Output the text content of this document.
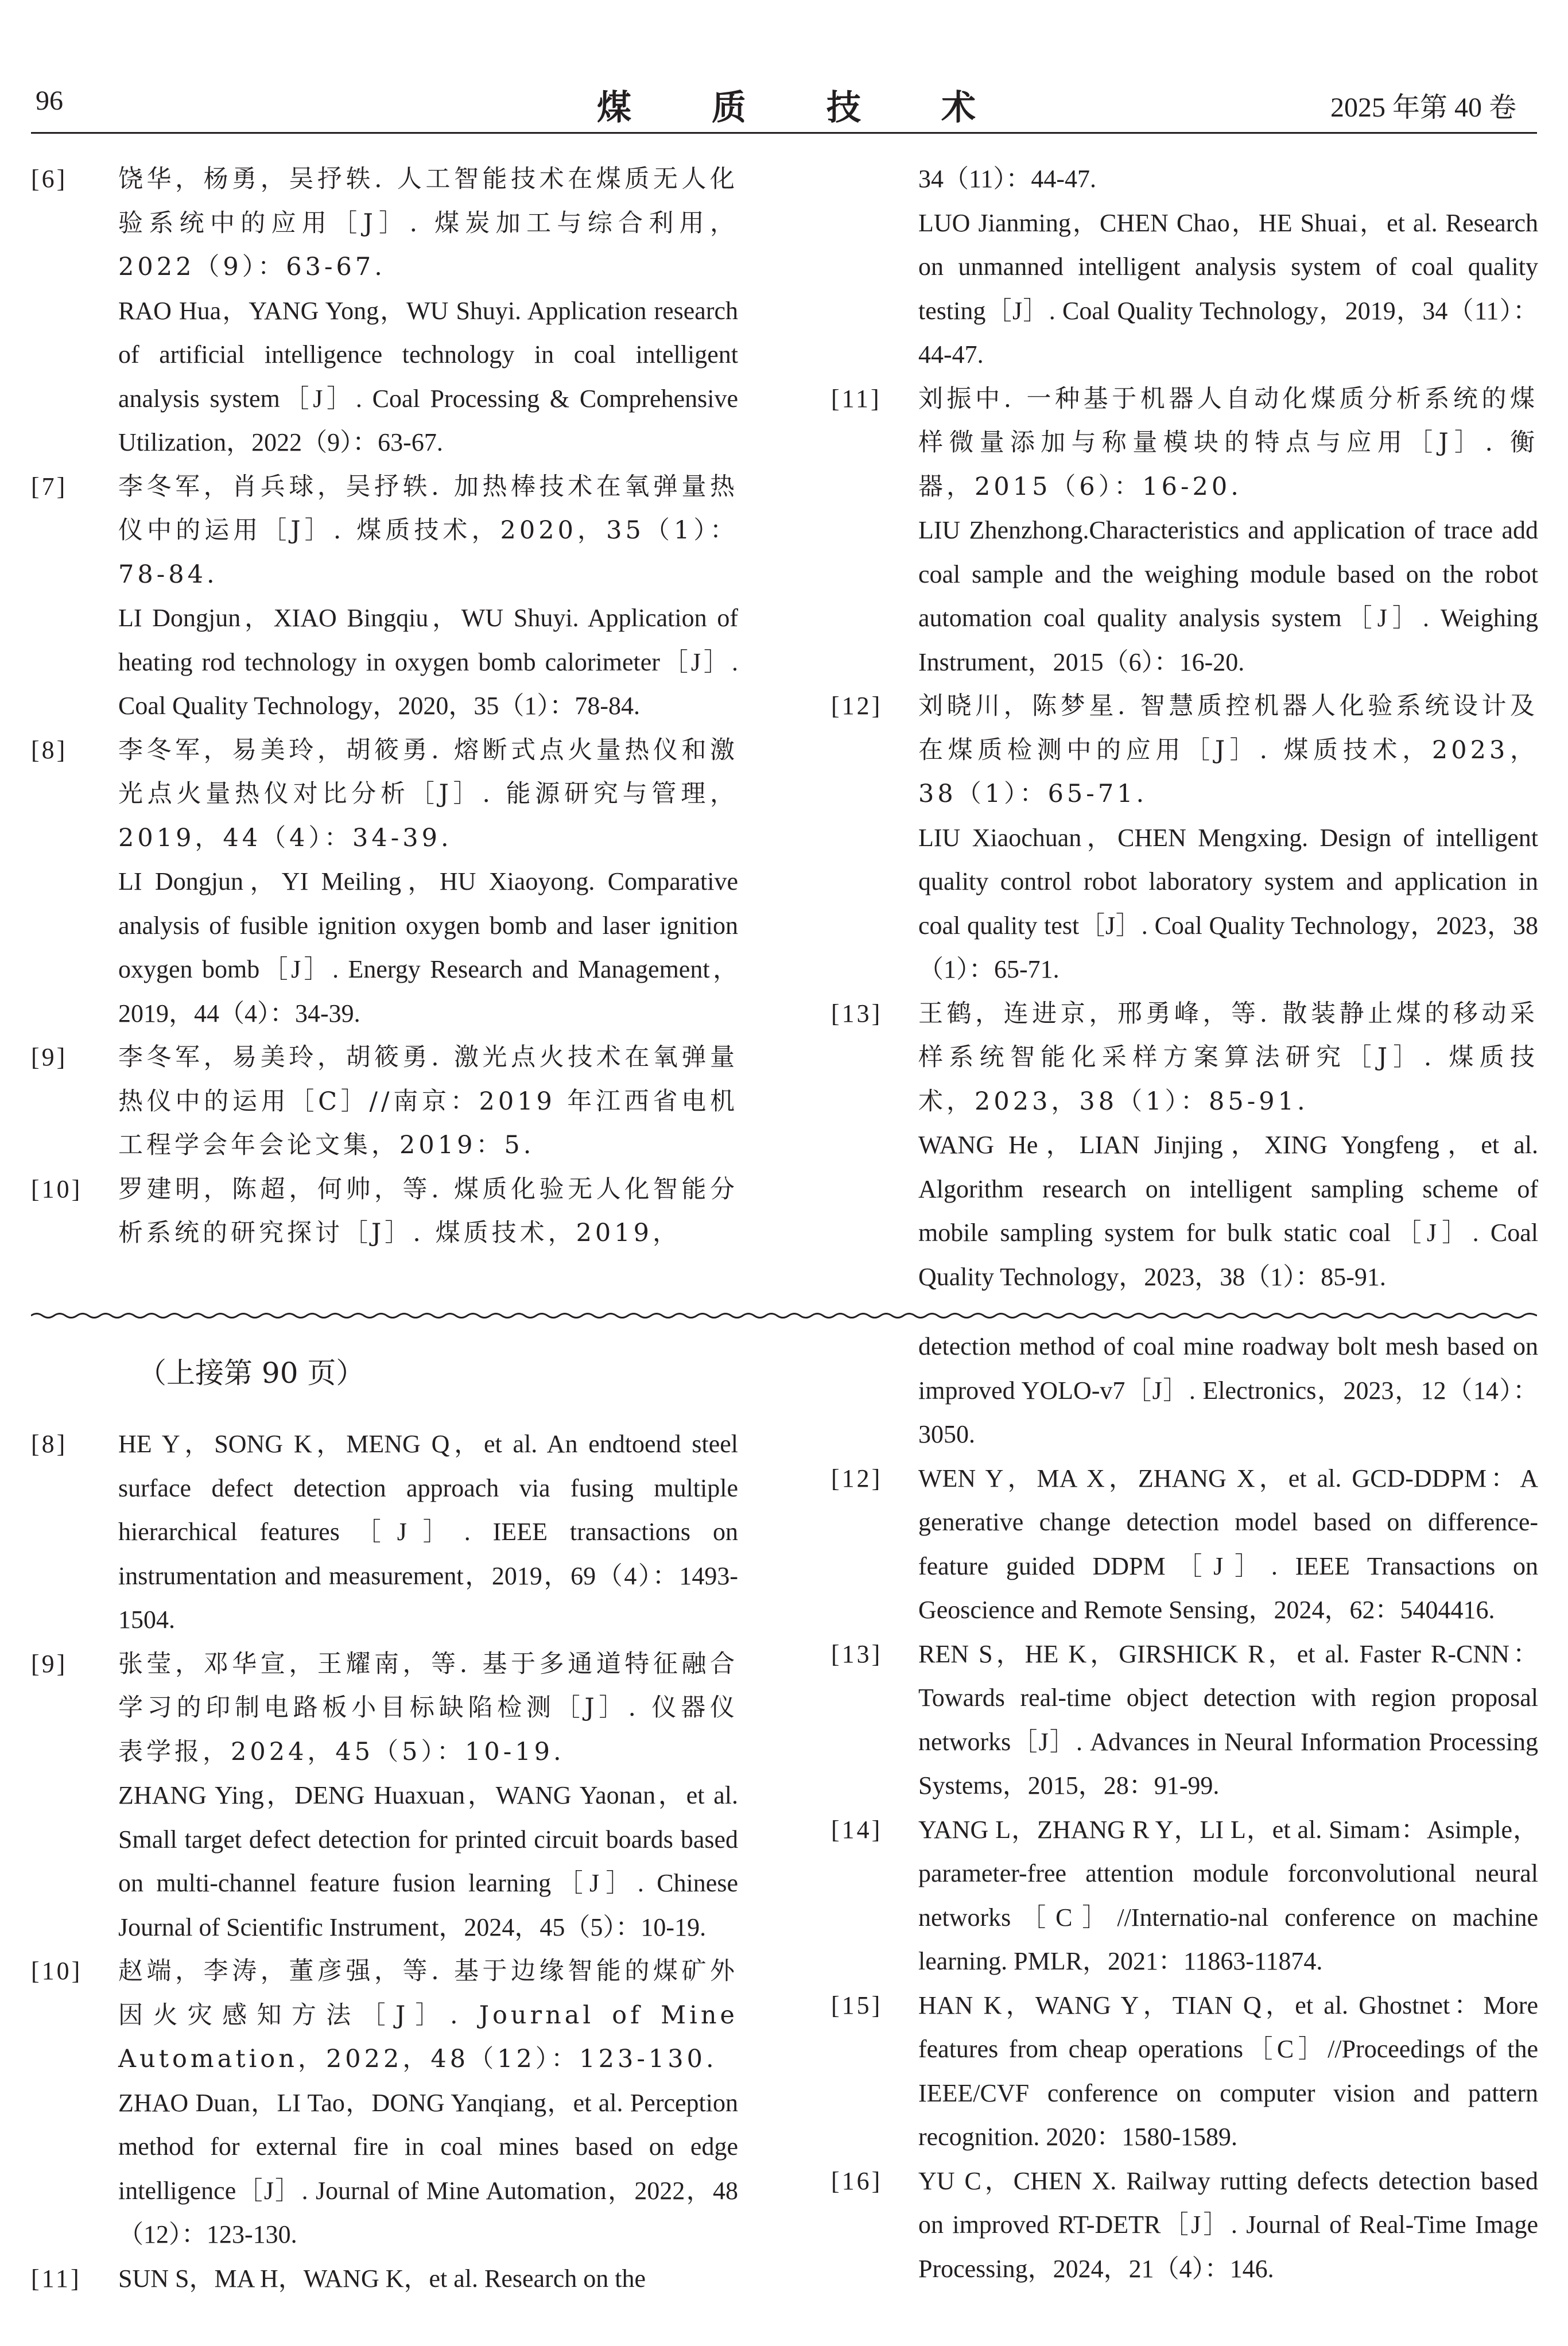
96	煤 质 技 术	2025 年第 40 卷
[6]	饶华，杨勇，吴抒轶. 人工智能技术在煤质无人化验系统中的应用［J］. 煤炭加工与综合利用，2022（9）：63-67.

RAO Hua，YANG Yong，WU Shuyi. Application research of artificial intelligence technology in coal intelligent analysis system［J］. Coal Processing & Comprehensive Utilization，2022（9）：63-67.

[7]	李冬军，肖兵球，吴抒轶. 加热棒技术在氧弹量热仪中的运用［J］. 煤质技术，2020，35（1）：78-84.

LI Dongjun，XIAO Bingqiu，WU Shuyi. Application of heating rod technology in oxygen bomb calorimeter［J］. Coal Quality Technology，2020，35（1）：78-84.

[8]	李冬军，易美玲，胡筱勇. 熔断式点火量热仪和激光点火量热仪对比分析［J］. 能源研究与管理，2019，44（4）：34-39.

LI Dongjun，YI Meiling，HU Xiaoyong. Comparative analysis of fusible ignition oxygen bomb and laser ignition oxygen bomb［J］. Energy Research and Management，2019，44（4）：34-39.

[9]	李冬军，易美玲，胡筱勇. 激光点火技术在氧弹量热仪中的运用［C］//南京：2019 年江西省电机工程学会年会论文集，2019：5.

[10]	罗建明，陈超，何帅，等. 煤质化验无人化智能分析系统的研究探讨［J］. 煤质技术，2019，

34（11）：44-47.

LUO Jianming，CHEN Chao，HE Shuai，et al. Research on unmanned intelligent analysis system of coal quality testing［J］. Coal Quality Technology，2019，34（11）：44-47.

[11]	刘振中. 一种基于机器人自动化煤质分析系统的煤样微量添加与称量模块的特点与应用［J］. 衡器，2015（6）：16-20.

LIU Zhenzhong.Characteristics and application of trace add coal sample and the weighing module based on the robot automation coal quality analysis system［J］. Weighing Instrument，2015（6）：16-20.

[12]	刘晓川，陈梦星. 智慧质控机器人化验系统设计及在煤质检测中的应用［J］. 煤质技术，2023，38（1）：65-71.

LIU Xiaochuan，CHEN Mengxing. Design of intelligent quality control robot laboratory system and application in coal quality test［J］. Coal Quality Technology，2023，38（1）：65-71.

[13]	王鹤，连进京，邢勇峰，等. 散装静止煤的移动采样系统智能化采样方案算法研究［J］. 煤质技术，2023，38（1）：85-91.

WANG He，LIAN Jinjing，XING Yongfeng，et al. Algorithm research on intelligent sampling scheme of mobile sampling system for bulk static coal［J］. Coal Quality Technology，2023，38（1）：85-91.

（上接第 90 页）
[8]	HE Y，SONG K，MENG Q，et al. An endtoend steel surface defect detection approach via fusing multiple hierarchical features［J］. IEEE transactions on instrumentation and measurement，2019，69（4）：1493-1504.

[9]	张莹，邓华宣，王耀南，等. 基于多通道特征融合学习的印制电路板小目标缺陷检测［J］. 仪器仪表学报，2024，45（5）：10-19.

ZHANG Ying，DENG Huaxuan，WANG Yaonan，et al. Small target defect detection for printed circuit boards based on multi-channel feature fusion learning［J］. Chinese Journal of Scientific Instrument，2024，45（5）：10-19.

[10]	赵端，李涛，董彦强，等. 基于边缘智能的煤矿外因火灾感知方法［J］. Journal of Mine Automation，2022，48（12）：123-130.

ZHAO Duan，LI Tao，DONG Yanqiang，et al. Perception method for external fire in coal mines based on edge intelligence［J］. Journal of Mine Automation，2022，48（12）：123-130.

[11]	SUN S，MA H，WANG K，et al. Research on the

detection method of coal mine roadway bolt mesh based on improved YOLO-v7［J］. Electronics，2023，12（14）：3050.

[12]	WEN Y，MA X，ZHANG X，et al. GCD-DDPM：A generative change detection model based on difference-feature guided DDPM［J］. IEEE Transactions on Geoscience and Remote Sensing，2024，62：5404416.

[13]	REN S，HE K，GIRSHICK R，et al. Faster R-CNN：Towards real-time object detection with region proposal networks［J］. Advances in Neural Information Processing Systems，2015，28：91-99.

[14]	YANG L，ZHANG R Y，LI L，et al. Simam：Asimple，parameter-free attention module forconvolutional neural networks［C］//Internatio-nal conference on machine learning. PMLR，2021：11863-11874.

[15]	HAN K，WANG Y，TIAN Q，et al. Ghostnet：More features from cheap operations［C］//Proceedings of the IEEE/CVF conference on computer vision and pattern recognition. 2020：1580-1589.

[16]	YU C，CHEN X. Railway rutting defects detection based on improved RT-DETR［J］. Journal of Real-Time Image Processing，2024，21（4）：146.
